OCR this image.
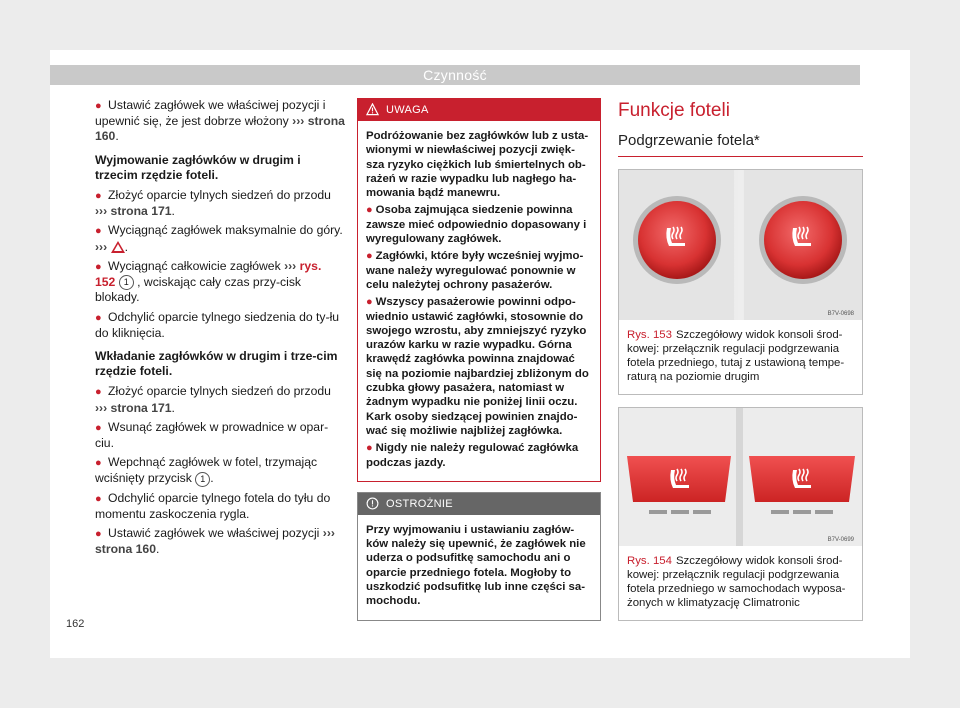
Czynność

● Ustawić zagłówek we właściwej pozycji i upewnić się, że jest dobrze włożony ››› strona 160.

Wyjmowanie zagłówków w drugim i trzecim rzędzie foteli.

● Złożyć oparcie tylnych siedzeń do przodu ››› strona 171.

● Wyciągnąć zagłówek maksymalnie do góry. ››› .

● Wyciągnąć całkowicie zagłówek ››› rys. 152 1 , wciskając cały czas przy-cisk blokady.

● Odchylić oparcie tylnego siedzenia do ty-łu do kliknięcia.

Wkładanie zagłówków w drugim i trze-cim rzędzie foteli.

● Złożyć oparcie tylnych siedzeń do przodu ››› strona 171.

● Wsunąć zagłówek w prowadnice w opar-ciu.

● Wepchnąć zagłówek w fotel, trzymając wciśnięty przycisk 1 .

● Odchylić oparcie tylnego fotela do tyłu do momentu zaskoczenia rygla.

● Ustawić zagłówek we właściwej pozycji ››› strona 160.

UWAGA

Podróżowanie bez zagłówków lub z usta-wionymi w niewłaściwej pozycji zwięk-sza ryzyko ciężkich lub śmiertelnych ob-rażeń w razie wypadku lub nagłego ha-mowania bądź manewru.

● Osoba zajmująca siedzenie powinna zawsze mieć odpowiednio dopasowany i wyregulowany zagłówek.

● Zagłówki, które były wcześniej wyjmo-wane należy wyregulować ponownie w celu należytej ochrony pasażerów.

● Wszyscy pasażerowie powinni odpo-wiednio ustawić zagłówki, stosownie do swojego wzrostu, aby zmniejszyć ryzyko urazów karku w razie wypadku. Górna krawędź zagłówka powinna znajdować się na poziomie najbardziej zbliżonym do czubka głowy pasażera, natomiast w żadnym wypadku nie poniżej linii oczu. Kark osoby siedzącej powinien znajdo-wać się możliwie najbliżej zagłówka.

● Nigdy nie należy regulować zagłówka podczas jazdy.

OSTROŻNIE

Przy wyjmowaniu i ustawianiu zagłów-ków należy się upewnić, że zagłówek nie uderza o podsufitkę samochodu ani o oparcie przedniego fotela. Mogłoby to uszkodzić podsufitkę lub inne części sa-mochodu.

Funkcje foteli
Podgrzewanie fotela*
B7V-0698
Rys. 153 Szczegółowy widok konsoli środ-kowej: przełącznik regulacji podgrzewania fotela przedniego, tutaj z ustawioną tempe-raturą na poziomie drugim
B7V-0699
Rys. 154 Szczegółowy widok konsoli środ-kowej: przełącznik regulacji podgrzewania fotela przedniego w samochodach wyposa-żonych w klimatyzację Climatronic
162
